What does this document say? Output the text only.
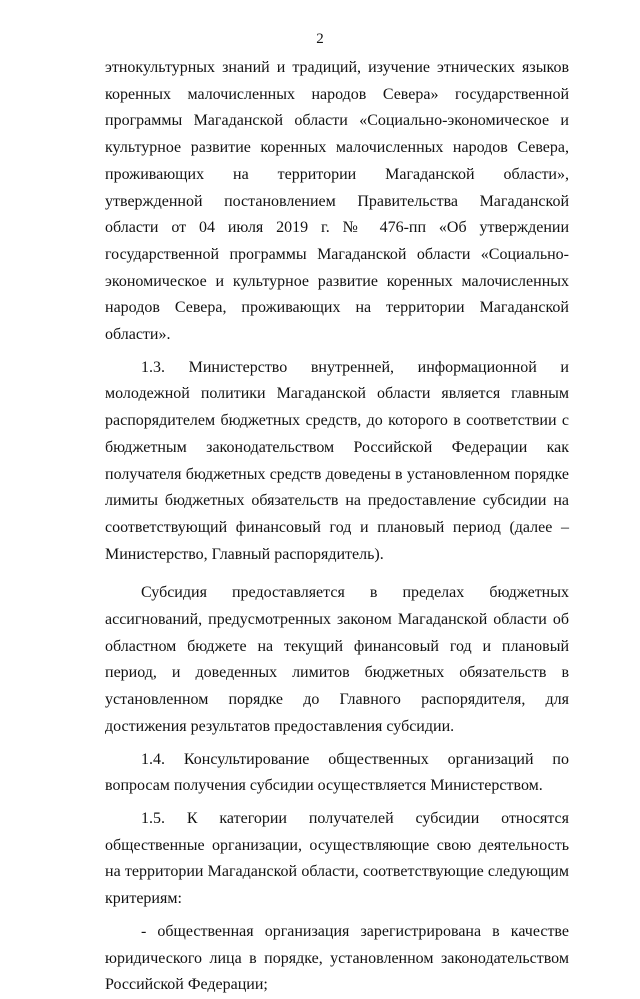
2

этнокультурных знаний и традиций, изучение этнических языков коренных малочисленных народов Севера» государственной программы Магаданской области «Социально-экономическое и культурное развитие коренных малочисленных народов Севера, проживающих на территории Магаданской области», утвержденной постановлением Правительства Магаданской области от 04 июля 2019 г. № 476-пп «Об утверждении государственной программы Магаданской области «Социально-экономическое и культурное развитие коренных малочисленных народов Севера, проживающих на территории Магаданской области».

1.3. Министерство внутренней, информационной и молодежной политики Магаданской области является главным распорядителем бюджетных средств, до которого в соответствии с бюджетным законодательством Российской Федерации как получателя бюджетных средств доведены в установленном порядке лимиты бюджетных обязательств на предоставление субсидии на соответствующий финансовый год и плановый период (далее – Министерство, Главный распорядитель).

Субсидия предоставляется в пределах бюджетных ассигнований, предусмотренных законом Магаданской области об областном бюджете на текущий финансовый год и плановый период, и доведенных лимитов бюджетных обязательств в установленном порядке до Главного распорядителя, для достижения результатов предоставления субсидии.

1.4. Консультирование общественных организаций по вопросам получения субсидии осуществляется Министерством.

1.5. К категории получателей субсидии относятся общественные организации, осуществляющие свою деятельность на территории Магаданской области, соответствующие следующим критериям:

- общественная организация зарегистрирована в качестве юридического лица в порядке, установленном законодательством Российской Федерации;
